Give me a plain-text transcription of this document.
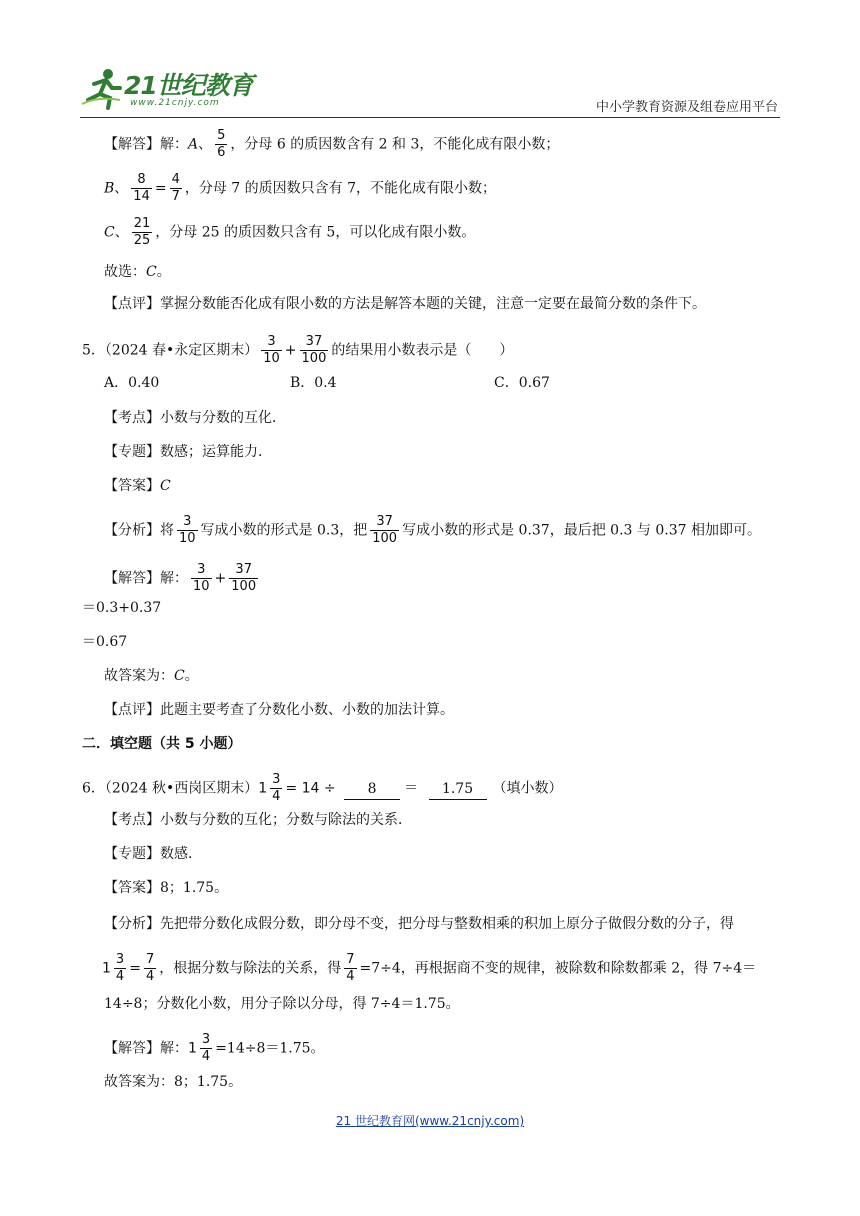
21世纪教育
www.21cnjy.com	中小学教育资源及组卷应用平台
【解答】解：A、 $\frac{5}{6}$ ，分母 6 的质因数含有 2 和 3，不能化成有限小数；
B、 $\frac{8}{14} = \frac{4}{7}$ ，分母 7 的质因数只含有 7，不能化成有限小数；
C、 $\frac{21}{25}$ ，分母 25 的质因数只含有 5，可以化成有限小数。
故选：C。
【点评】掌握分数能否化成有限小数的方法是解答本题的关键，注意一定要在最简分数的条件下。
5．（2024 春•永定区期末） $\frac{3}{10} + \frac{37}{100}$ 的结果用小数表示是（　　）
A．0.40	B．0.4	C．0.67
【考点】小数与分数的互化．
【专题】数感；运算能力．
【答案】C
【分析】将 $\frac{3}{10}$ 写成小数的形式是 0.3，把 $\frac{37}{100}$ 写成小数的形式是 0.37，最后把 0.3 与 0.37 相加即可。
【解答】解： $\frac{3}{10} + \frac{37}{100}$
＝0.3+0.37
＝0.67
故答案为：C。
【点评】此题主要考查了分数化小数、小数的加法计算。
二．填空题（共 5 小题）
6．（2024 秋•西岗区期末）$1 \frac{3}{4} = 14 \div 8 = 1.75$ （填小数）
【考点】小数与分数的互化；分数与除法的关系．
【专题】数感．
【答案】8；1.75。
【分析】先把带分数化成假分数，即分母不变，把分母与整数相乘的积加上原分子做假分数的分子，得
$1 \frac{3}{4} = \frac{7}{4}$ ，根据分数与除法的关系，得 $\frac{7}{4} =7\div 4$，再根据商不变的规律，被除数和除数都乘 2，得 7÷4＝
14÷8；分数化小数，用分子除以分母，得 7÷4＝1.75。
【解答】解：$1 \frac{3}{4} =14\div 8=1.75$。
故答案为：8；1.75。
21 世纪教育网(www.21cnjy.com)
